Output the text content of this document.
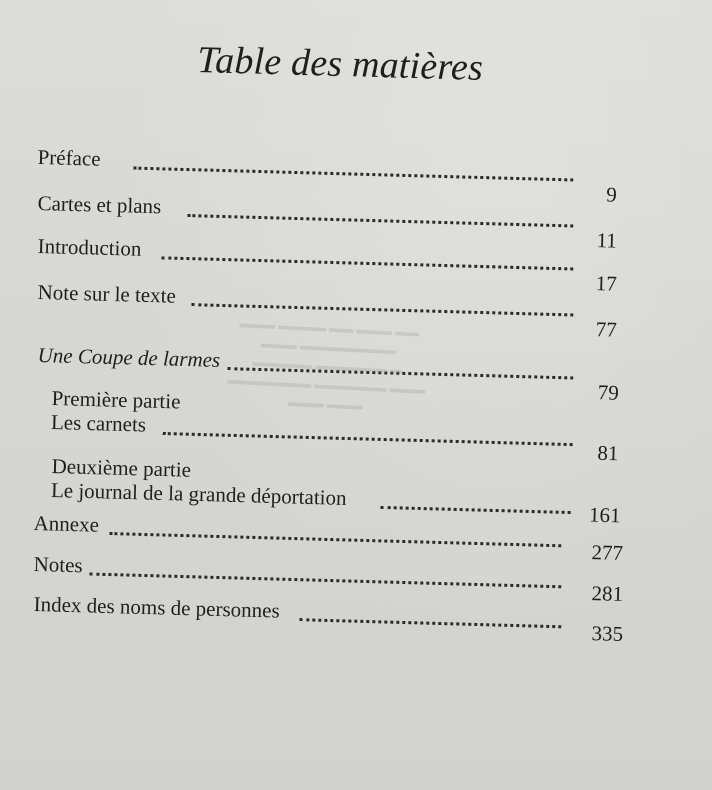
Table des matières
Préface
9
Cartes et plans
11
Introduction
17
Note sur le texte
77
Une Coupe de larmes
79
Première partie
Les carnets
81
Deuxième partie
Le journal de la grande déportation
161
Annexe
277
Notes
281
Index des noms de personnes
335
▬▬▬ ▬▬▬▬ ▬▬ ▬▬▬ ▬▬
▬▬▬ ▬▬▬▬▬▬▬▬
▬▬▬▬▬ ▬▬▬▬▬▬ ▬
▬▬▬▬▬▬▬ ▬▬▬▬▬▬ ▬▬▬
▬▬▬ ▬▬▬
